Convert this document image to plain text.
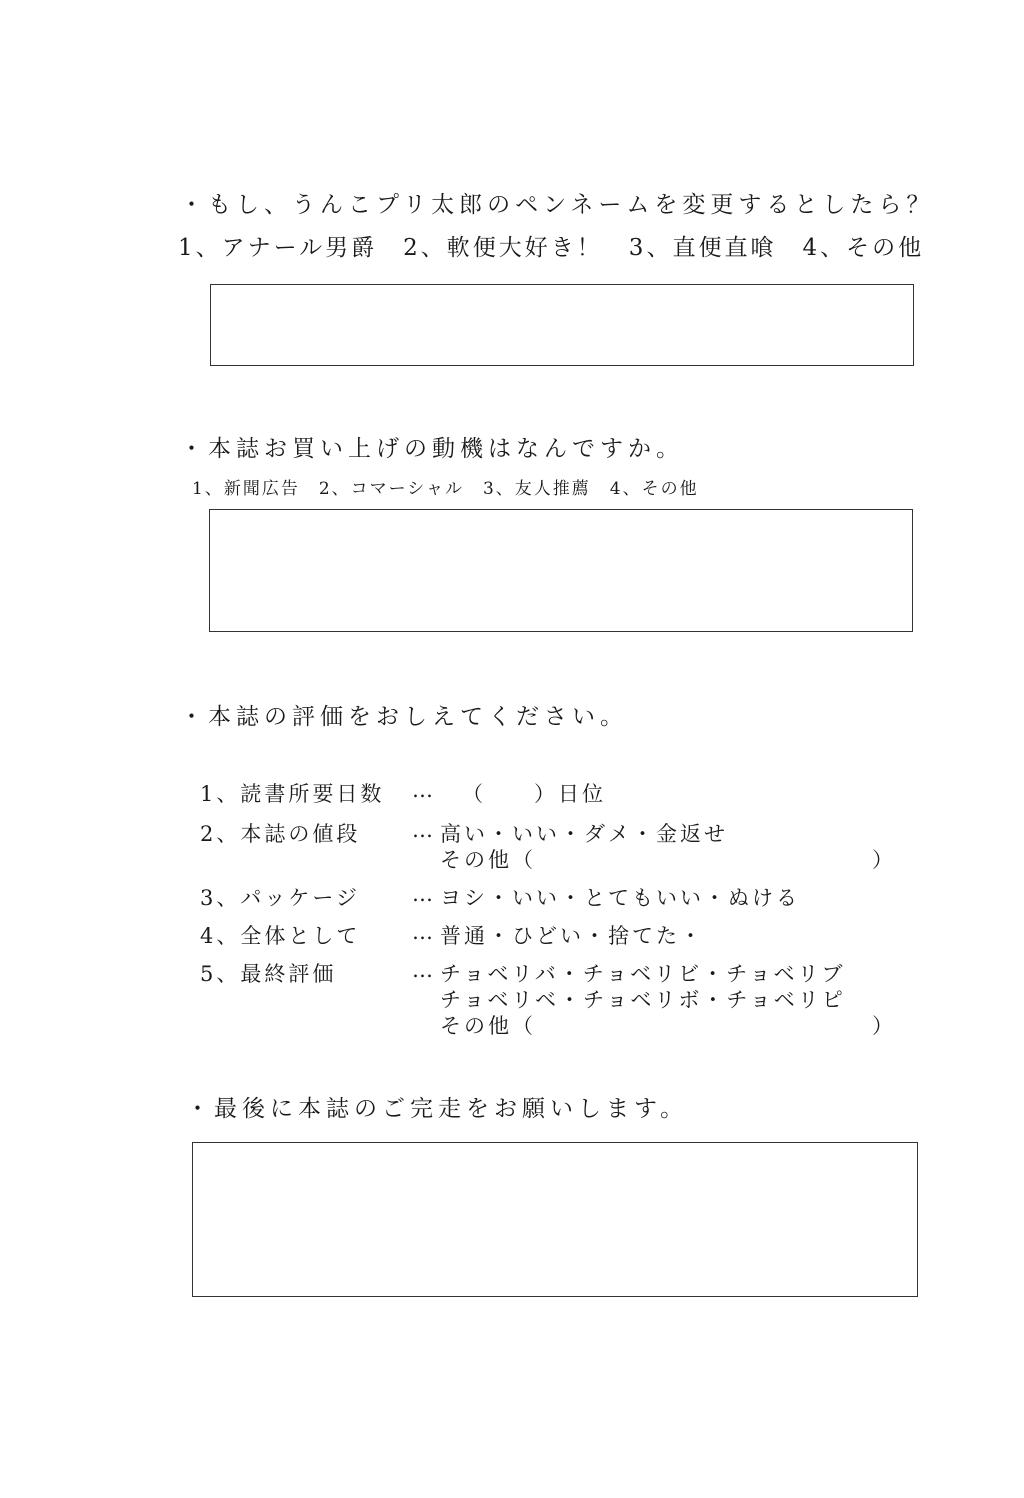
・もし、うんこプリ太郎のペンネームを変更するとしたら？
1、アナール男爵　2、軟便大好き！　3、直便直喰　4、その他
・本誌お買い上げの動機はなんですか。
1、新聞広告　2、コマーシャル　3、友人推薦　4、その他
・本誌の評価をおしえてください。
1、読書所要日数 … （　　）日位
2、本誌の値段 … 高い・いい・ダメ・金返せ
その他（	）
3、パッケージ … ヨシ・いい・とてもいい・ぬける
4、全体として … 普通・ひどい・捨てた・
5、最終評価	… チョベリバ・チョベリビ・チョベリブ
チョベリベ・チョベリボ・チョベリピ
その他（	）
・最後に本誌のご完走をお願いします。
